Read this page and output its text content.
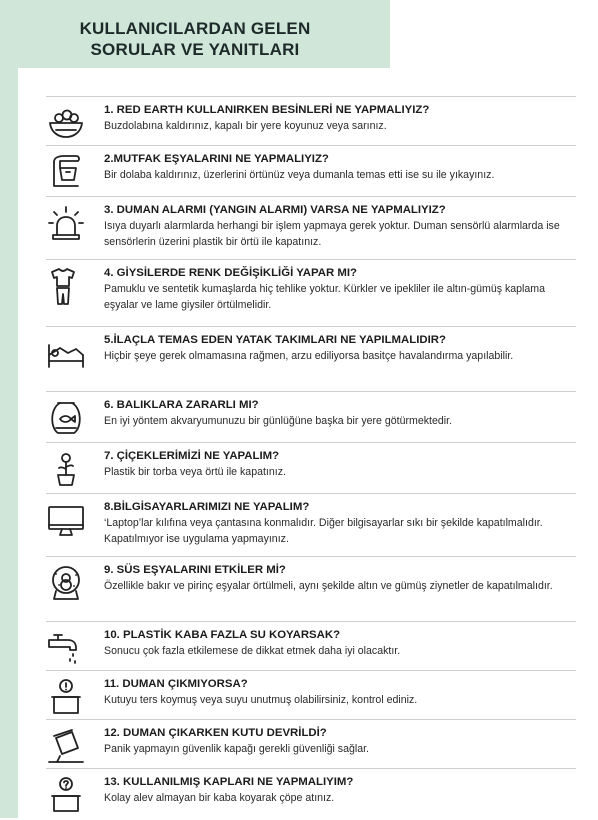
KULLANICILARDAN GELEN
SORULAR VE YANITLARI
1. RED EARTH KULLANIRKEN BESİNLERİ NE YAPMALIYIZ?
Buzdolabına kaldırınız, kapalı bir yere koyunuz veya sarınız.
2.MUTFAK EŞYALARINI NE YAPMALIYIZ?
Bir dolaba kaldırınız, üzerlerini örtünüz veya dumanla temas etti ise su ile yıkayınız.
3. DUMAN ALARMI (YANGIN ALARMI) VARSA NE YAPMALIYIZ?
Isıya duyarlı alarmlarda herhangi bir işlem yapmaya gerek yoktur. Duman sensörlü alarmlarda ise sensörlerin üzerini plastik bir örtü ile kapatınız.
4. GİYSİLERDE RENK DEĞİŞİKLİĞİ YAPAR MI?
Pamuklu ve sentetik kumaşlarda hiç tehlike yoktur. Kürkler ve ipekliler ile altın-gümüş kaplama eşyalar ve lame giysiler örtülmelidir.
5.İLAÇLA TEMAS EDEN YATAK TAKIMLARI NE YAPILMALIDIR?
Hiçbir şeye gerek olmamasına rağmen, arzu ediliyorsa basitçe havalandırma yapılabilir.
6. BALIKLARA ZARARLI MI?
En iyi yöntem akvaryumunuzu bir günlüğüne başka bir yere götürmektedir.
7. ÇİÇEKLERİMİZİ NE YAPALIM?
Plastik bir torba veya örtü ile kapatınız.
8.BİLGİSAYARLARIMIZI NE YAPALIM?
‘Laptop’lar kılıfına veya çantasına konmalıdır. Diğer bilgisayarlar sıkı bir şekilde kapatılmalıdır. Kapatılmıyor ise uygulama yapmayınız.
9. SÜS EŞYALARINI ETKİLER Mİ?
Özellikle bakır ve pirinç eşyalar örtülmeli, aynı şekilde altın ve gümüş ziynetler de kapatılmalıdır.
10. PLASTİK KABA FAZLA SU KOYARSAK?
Sonucu çok fazla etkilemese de dikkat etmek daha iyi olacaktır.
11. DUMAN ÇIKMIYORSA?
Kutuyu ters koymuş veya suyu unutmuş olabilirsiniz, kontrol ediniz.
12. DUMAN ÇIKARKEN KUTU DEVRİLDİ?
Panik yapmayın güvenlik kapağı gerekli güvenliği sağlar.
13. KULLANILMIŞ KAPLARI NE YAPMALIYIM?
Kolay alev almayan bir kaba koyarak çöpe atınız.
